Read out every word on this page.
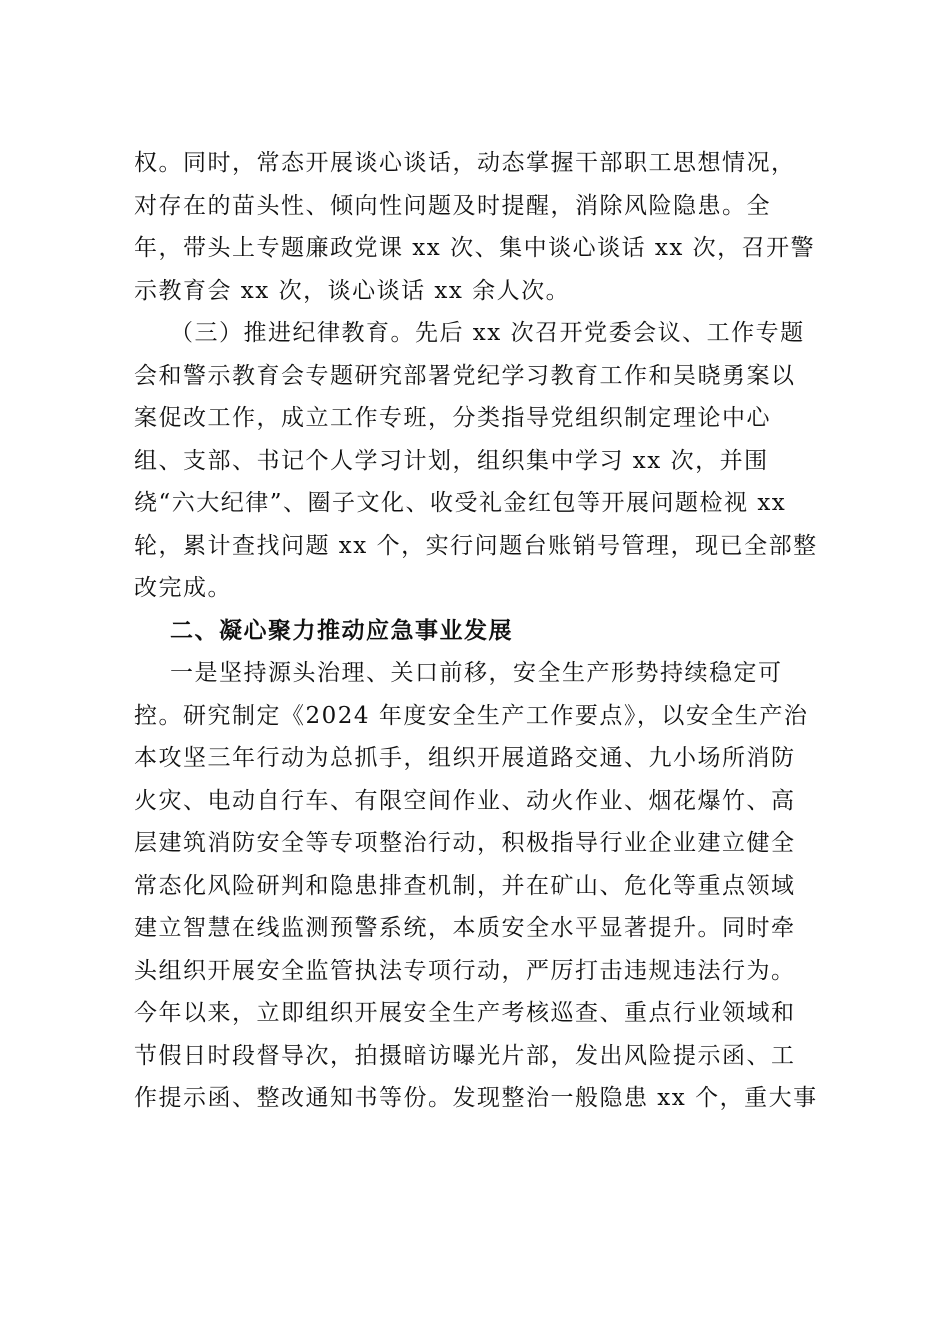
权。同时，常态开展谈心谈话，动态掌握干部职工思想情况，
对存在的苗头性、倾向性问题及时提醒，消除风险隐患。全
年，带头上专题廉政党课 xx 次、集中谈心谈话 xx 次，召开警
示教育会 xx 次，谈心谈话 xx 余人次。
（三）推进纪律教育。先后 xx 次召开党委会议、工作专题
会和警示教育会专题研究部署党纪学习教育工作和吴晓勇案以
案促改工作，成立工作专班，分类指导党组织制定理论中心
组、支部、书记个人学习计划，组织集中学习 xx 次，并围
绕“六大纪律”、圈子文化、收受礼金红包等开展问题检视 xx
轮，累计查找问题 xx 个，实行问题台账销号管理，现已全部整
改完成。
二、凝心聚力推动应急事业发展
一是坚持源头治理、关口前移，安全生产形势持续稳定可
控。研究制定《2024 年度安全生产工作要点》，以安全生产治
本攻坚三年行动为总抓手，组织开展道路交通、九小场所消防
火灾、电动自行车、有限空间作业、动火作业、烟花爆竹、高
层建筑消防安全等专项整治行动，积极指导行业企业建立健全
常态化风险研判和隐患排查机制，并在矿山、危化等重点领域
建立智慧在线监测预警系统，本质安全水平显著提升。同时牵
头组织开展安全监管执法专项行动，严厉打击违规违法行为。
今年以来，立即组织开展安全生产考核巡查、重点行业领域和
节假日时段督导次，拍摄暗访曝光片部，发出风险提示函、工
作提示函、整改通知书等份。发现整治一般隐患 xx 个，重大事
